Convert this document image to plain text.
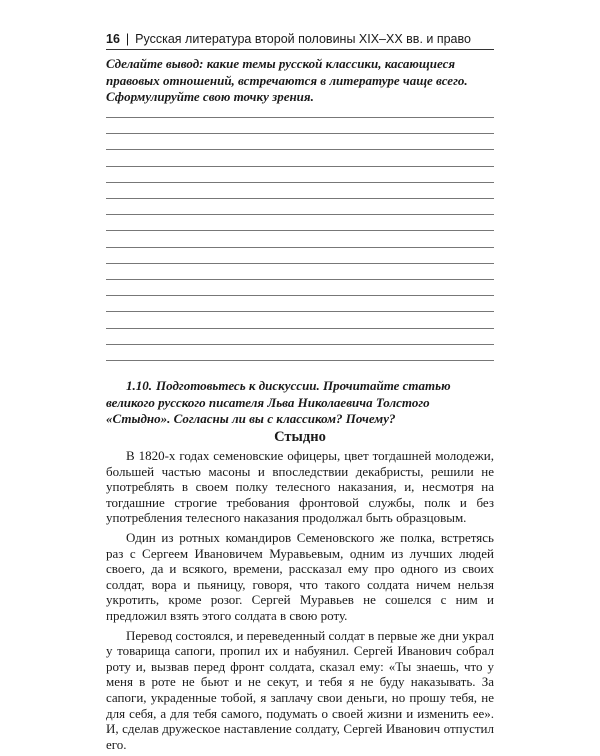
16 | Русская литература второй половины XIX–XX вв. и право
Сделайте вывод: какие темы русской классики, касающиеся правовых отношений, встречаются в литературе чаще всего. Сформулируйте свою точку зрения.
1.10. Подготовьтесь к дискуссии. Прочитайте статью великого русского писателя Льва Николаевича Толстого «Стыдно». Согласны ли вы с классиком? Почему?
Стыдно

В 1820-х годах семеновские офицеры, цвет тогдашней молодежи, большей частью масоны и впоследствии декабристы, решили не употреблять в своем полку телесного наказания, и, несмотря на тогдашние строгие требования фронтовой службы, полк и без употребления телесного наказания продолжал быть образцовым.

Один из ротных командиров Семеновского же полка, встретясь раз с Сергеем Ивановичем Муравьевым, одним из лучших людей своего, да и всякого, времени, рассказал ему про одного из своих солдат, вора и пьяницу, говоря, что такого солдата ничем нельзя укротить, кроме розог. Сергей Муравьев не сошелся с ним и предложил взять этого солдата в свою роту.

Перевод состоялся, и переведенный солдат в первые же дни украл у товарища сапоги, пропил их и набуянил. Сергей Иванович собрал роту и, вызвав перед фронт солдата, сказал ему: «Ты знаешь, что у меня в роте не бьют и не секут, и тебя я не буду наказывать. За сапоги, украденные тобой, я заплачу свои деньги, но прошу тебя, не для себя, а для тебя самого, подумать о своей жизни и изменить ее». И, сделав дружеское наставление солдату, Сергей Иванович отпустил его.
